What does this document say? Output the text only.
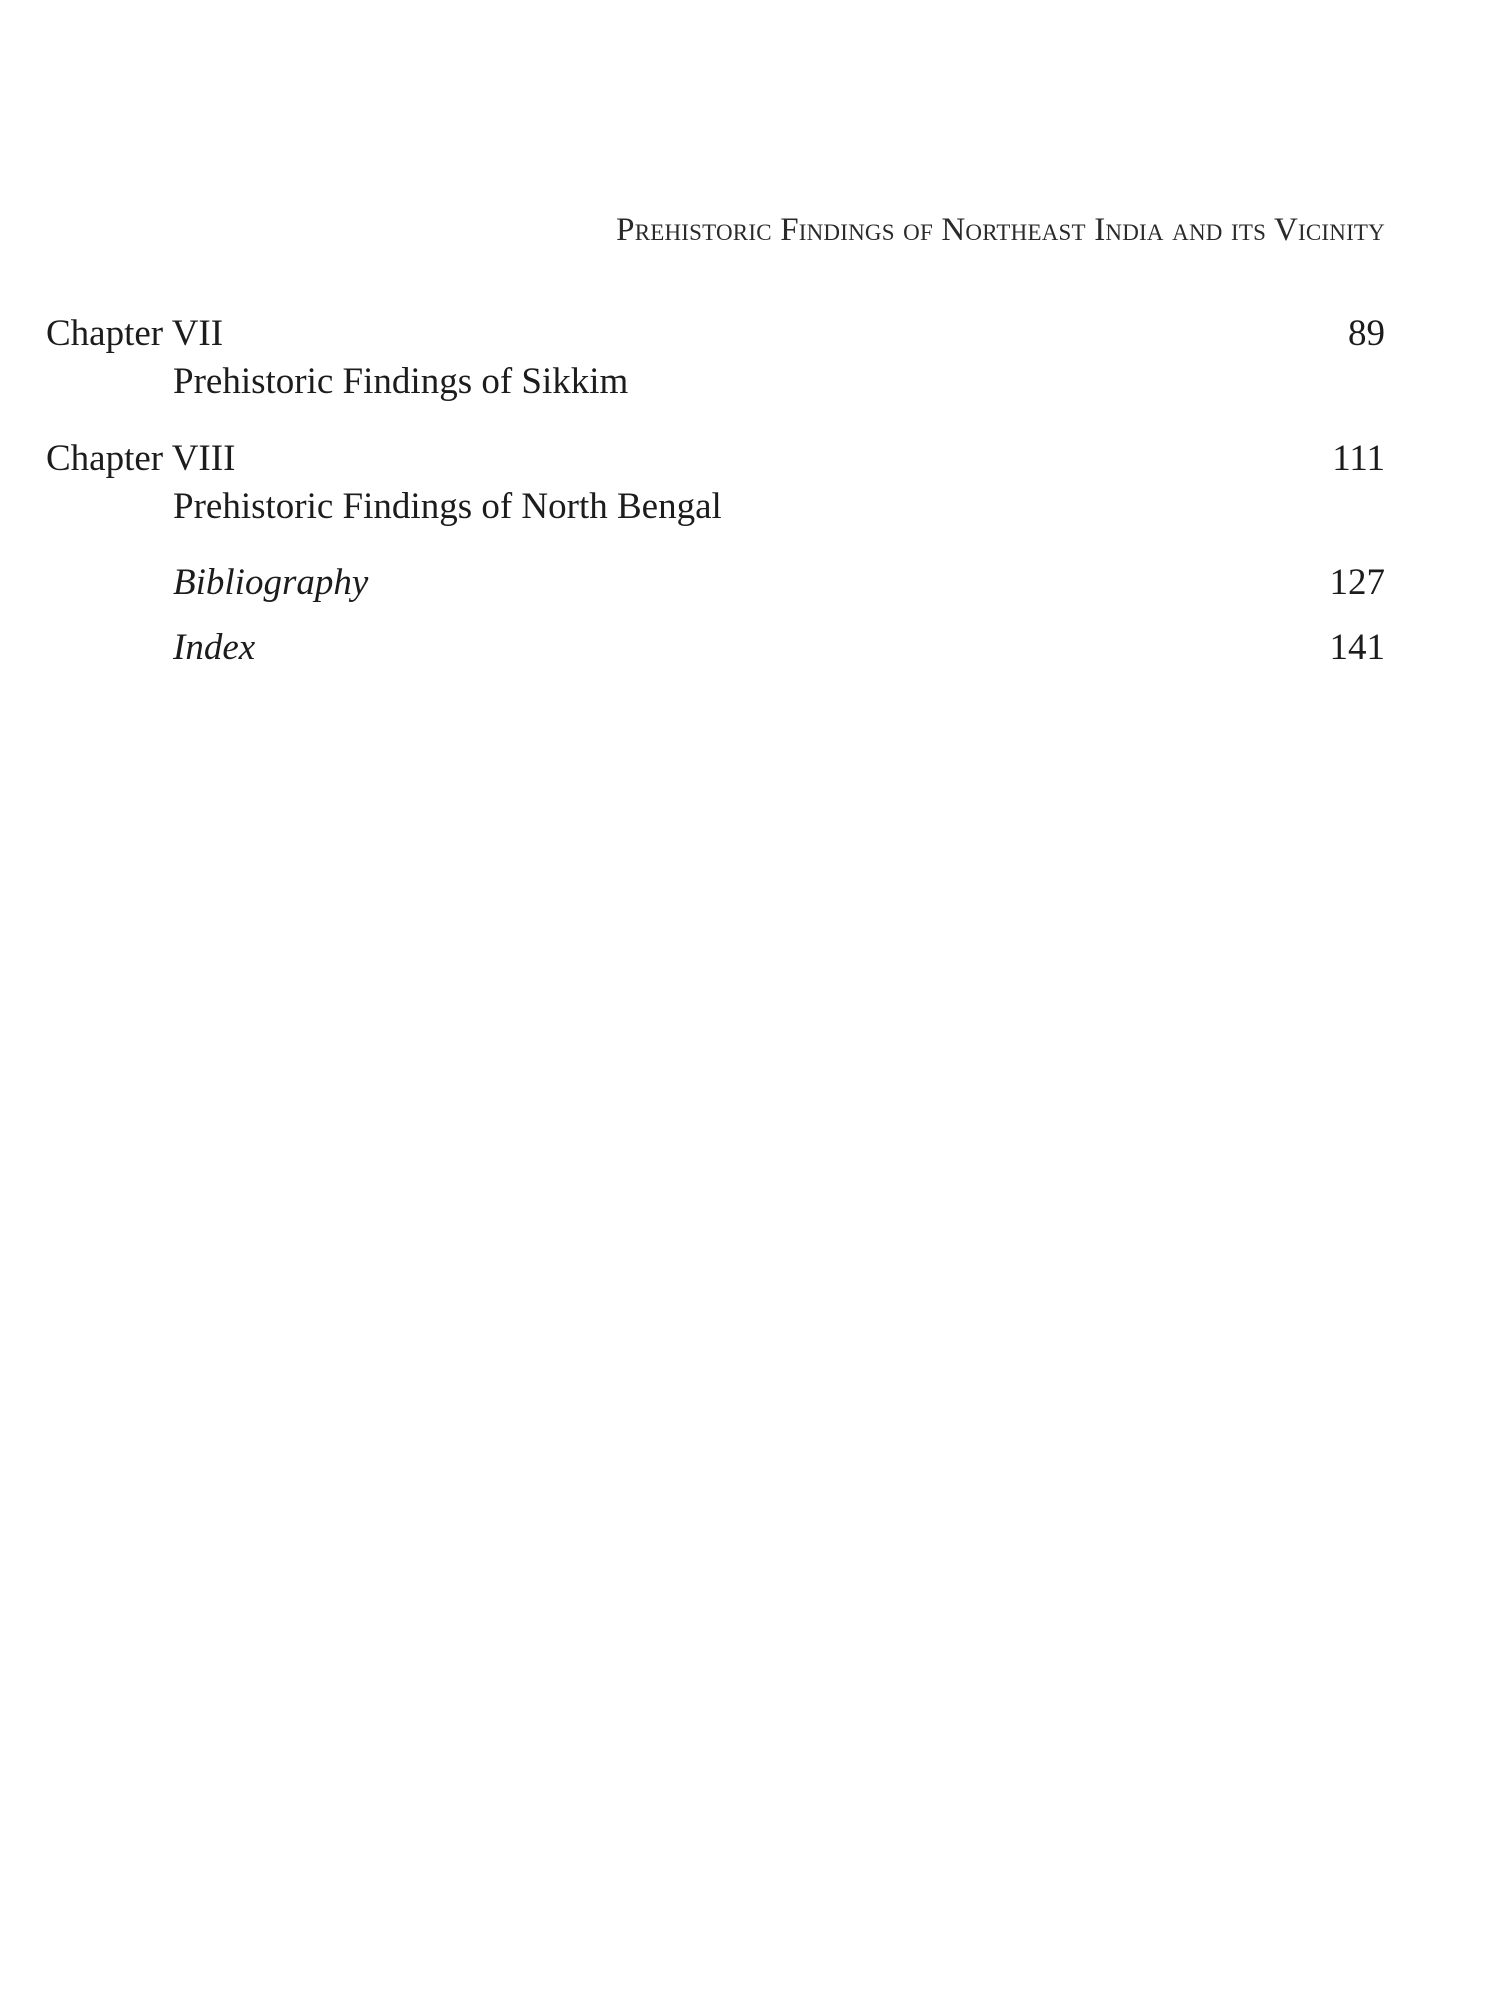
Prehistoric Findings of Northeast India and its Vicinity
Chapter VII	89
Prehistoric Findings of Sikkim
Chapter VIII	111
Prehistoric Findings of North Bengal
Bibliography	127
Index	141
